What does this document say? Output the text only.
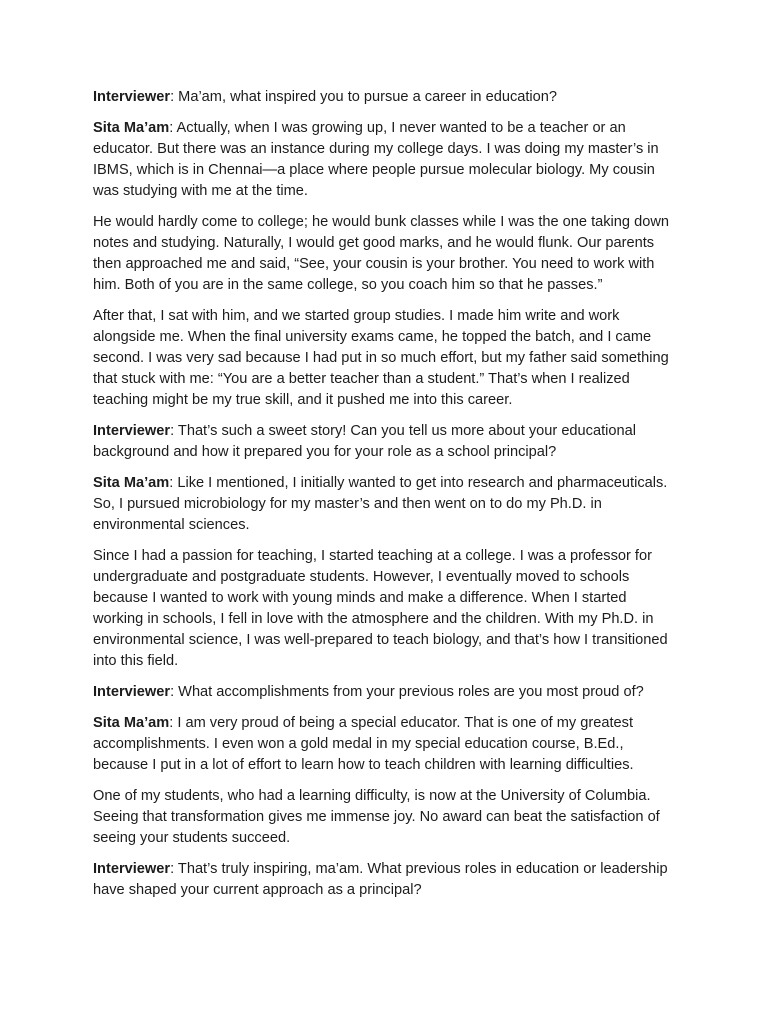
Interviewer: Ma’am, what inspired you to pursue a career in education?

Sita Ma’am: Actually, when I was growing up, I never wanted to be a teacher or an educator. But there was an instance during my college days. I was doing my master’s in IBMS, which is in Chennai—a place where people pursue molecular biology. My cousin was studying with me at the time.

He would hardly come to college; he would bunk classes while I was the one taking down notes and studying. Naturally, I would get good marks, and he would flunk. Our parents then approached me and said, “See, your cousin is your brother. You need to work with him. Both of you are in the same college, so you coach him so that he passes.”

After that, I sat with him, and we started group studies. I made him write and work alongside me. When the final university exams came, he topped the batch, and I came second. I was very sad because I had put in so much effort, but my father said something that stuck with me: “You are a better teacher than a student.” That’s when I realized teaching might be my true skill, and it pushed me into this career.

Interviewer: That’s such a sweet story! Can you tell us more about your educational background and how it prepared you for your role as a school principal?

Sita Ma’am: Like I mentioned, I initially wanted to get into research and pharmaceuticals. So, I pursued microbiology for my master’s and then went on to do my Ph.D. in environmental sciences.

Since I had a passion for teaching, I started teaching at a college. I was a professor for undergraduate and postgraduate students. However, I eventually moved to schools because I wanted to work with young minds and make a difference. When I started working in schools, I fell in love with the atmosphere and the children. With my Ph.D. in environmental science, I was well-prepared to teach biology, and that’s how I transitioned into this field.

Interviewer: What accomplishments from your previous roles are you most proud of?

Sita Ma’am: I am very proud of being a special educator. That is one of my greatest accomplishments. I even won a gold medal in my special education course, B.Ed., because I put in a lot of effort to learn how to teach children with learning difficulties.

One of my students, who had a learning difficulty, is now at the University of Columbia. Seeing that transformation gives me immense joy. No award can beat the satisfaction of seeing your students succeed.

Interviewer: That’s truly inspiring, ma’am. What previous roles in education or leadership have shaped your current approach as a principal?
